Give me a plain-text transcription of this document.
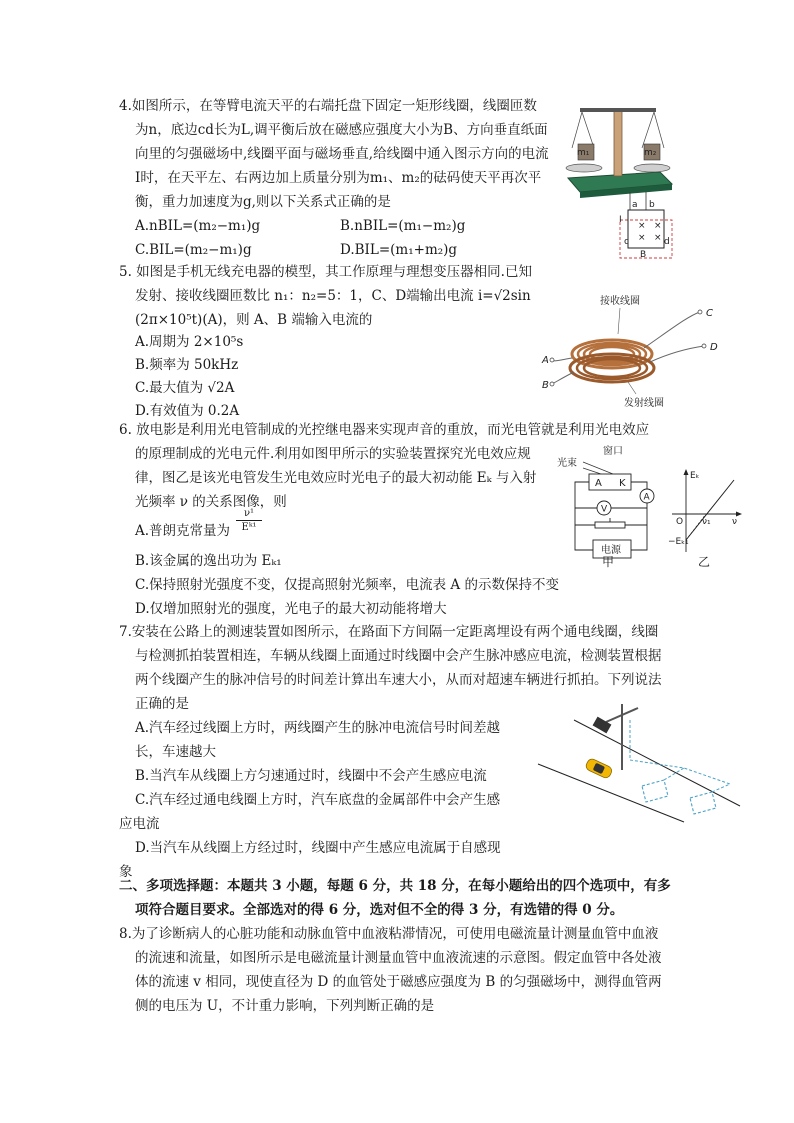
4.如图所示，在等臂电流天平的右端托盘下固定一矩形线圈，线圈匝数
为n，底边cd长为L,调平衡后放在磁感应强度大小为B、方向垂直纸面
向里的匀强磁场中,线圈平面与磁场垂直,给线圈中通入图示方向的电流
I时，在天平左、右两边加上质量分别为m₁、m₂的砝码使天平再次平
衡，重力加速度为g,则以下关系式正确的是
A.nBIL=(m₂−m₁)g	B.nBIL=(m₁−m₂)g
C.BIL=(m₂−m₁)g	D.BIL=(m₁+m₂)g
m₁	m₂
a b
I
c	d
B
× ×
× ×
5. 如图是手机无线充电器的模型，其工作原理与理想变压器相同.已知
发射、接收线圈匝数比 n₁：n₂=5：1，C、D端输出电流 i=√2sin
(2π×10⁵t)(A)，则 A、B 端输入电流的
A.周期为 2×10⁵s
B.频率为 50kHz
C.最大值为 √2A
D.有效值为 0.2A
接收线圈
A
B
C
D
发射线圈
6. 放电影是利用光电管制成的光控继电器来实现声音的重放，而光电管就是利用光电效应
的原理制成的光电元件.利用如图甲所示的实验装置探究光电效应规
律，图乙是该光电管发生光电效应时光电子的最大初动能 Eₖ 与入射
光频率 ν 的关系图像，则
A.普朗克常量为
ν¹
Eᵏ¹
B.该金属的逸出功为 Eₖ₁
C.保持照射光强度不变，仅提高照射光频率，电流表 A 的示数保持不变
D.仅增加照射光的强度，光电子的最大初动能将增大
光束
窗口
A K
A
V
电源
甲
Eₖ
O ν₁ ν
−Eₖ₁
乙
7.安装在公路上的测速装置如图所示，在路面下方间隔一定距离埋设有两个通电线圈，线圈
与检测抓拍装置相连，车辆从线圈上面通过时线圈中会产生脉冲感应电流，检测装置根据
两个线圈产生的脉冲信号的时间差计算出车速大小，从而对超速车辆进行抓拍。下列说法
正确的是
A.汽车经过线圈上方时，两线圈产生的脉冲电流信号时间差越
长，车速越大
B.当汽车从线圈上方匀速通过时，线圈中不会产生感应电流
C.汽车经过通电线圈上方时，汽车底盘的金属部件中会产生感
应电流
D.当汽车从线圈上方经过时，线圈中产生感应电流属于自感现
象
二、多项选择题：本题共 3 小题，每题 6 分，共 18 分，在每小题给出的四个选项中，有多
项符合题目要求。全部选对的得 6 分，选对但不全的得 3 分，有选错的得 0 分。
8.为了诊断病人的心脏功能和动脉血管中血液粘滞情况，可使用电磁流量计测量血管中血液
的流速和流量，如图所示是电磁流量计测量血管中血液流速的示意图。假定血管中各处液
体的流速 v 相同，现使直径为 D 的血管处于磁感应强度为 B 的匀强磁场中，测得血管两
侧的电压为 U，不计重力影响，下列判断正确的是
